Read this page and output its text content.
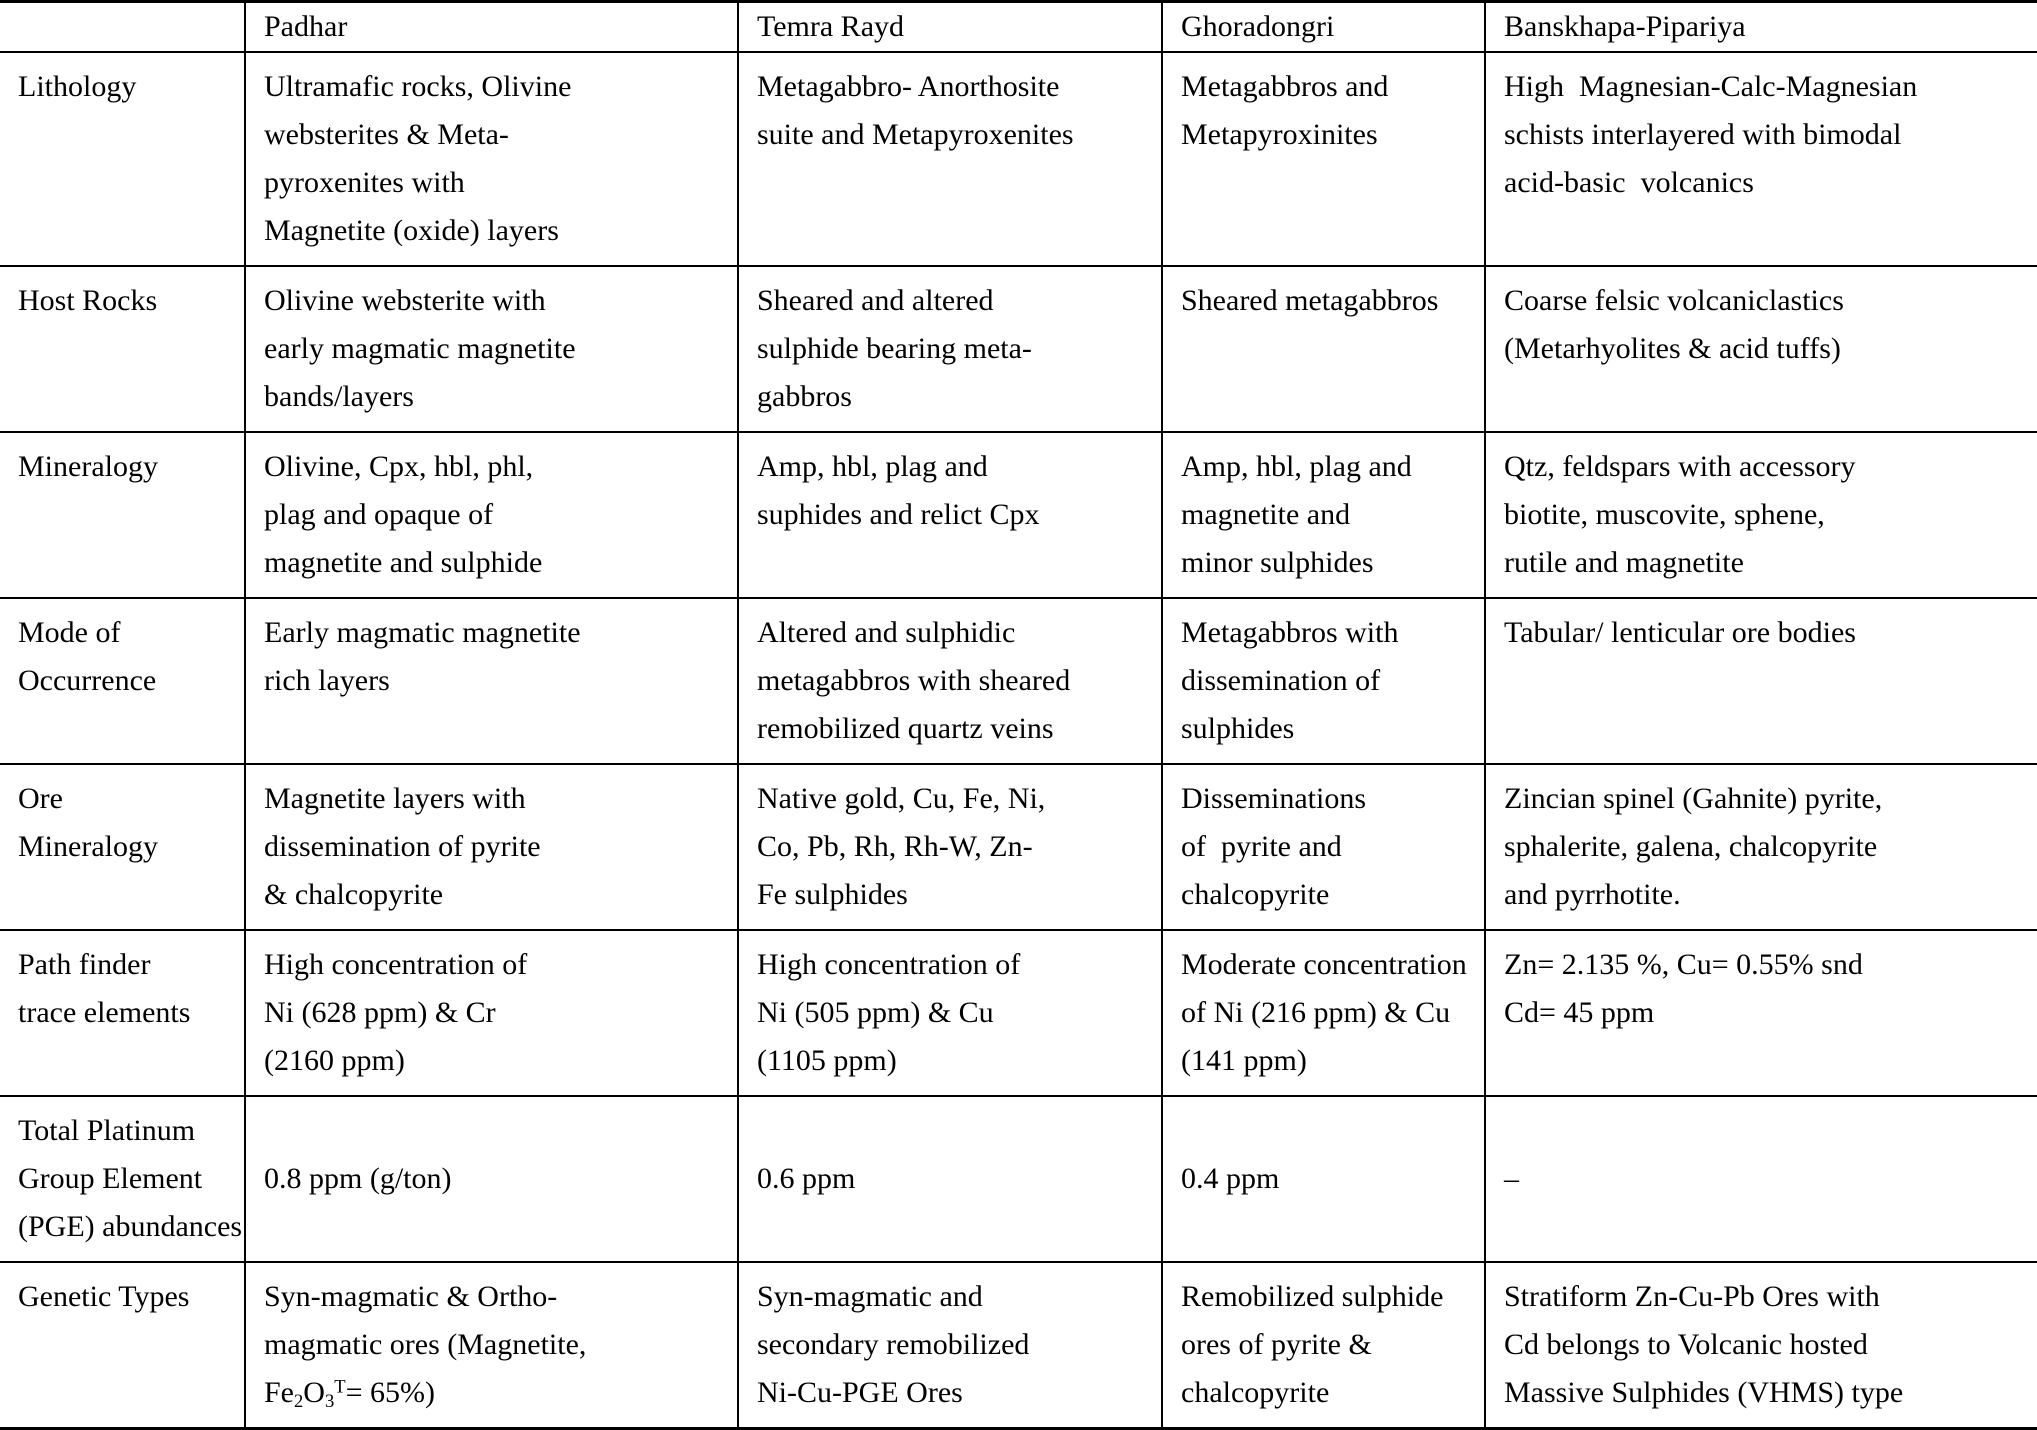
	Padhar	Temra Rayd	Ghoradongri	Banskhapa-Pipariya

Lithology	Ultramafic rocks, Olivine
websterites & Meta-
pyroxenites with
Magnetite (oxide) layers	Metagabbro- Anorthosite
suite and Metapyroxenites	Metagabbros and
Metapyroxinites	High  Magnesian-Calc-Magnesian
schists interlayered with bimodal
acid-basic  volcanics

Host Rocks	Olivine websterite with
early magmatic magnetite
bands/layers	Sheared and altered
sulphide bearing meta-
gabbros	Sheared metagabbros	Coarse felsic volcaniclastics
(Metarhyolites & acid tuffs)

Mineralogy	Olivine, Cpx, hbl, phl,
plag and opaque of
magnetite and sulphide	Amp, hbl, plag and
suphides and relict Cpx	Amp, hbl, plag and
magnetite and
minor sulphides	Qtz, feldspars with accessory
biotite, muscovite, sphene,
rutile and magnetite

Mode of
Occurrence	Early magmatic magnetite
rich layers	Altered and sulphidic
metagabbros with sheared
remobilized quartz veins	Metagabbros with
dissemination of
sulphides	Tabular/ lenticular ore bodies

Ore
Mineralogy	Magnetite layers with
dissemination of pyrite
& chalcopyrite	Native gold, Cu, Fe, Ni,
Co, Pb, Rh, Rh-W, Zn-
Fe sulphides	Disseminations
of  pyrite and
chalcopyrite	Zincian spinel (Gahnite) pyrite,
sphalerite, galena, chalcopyrite
and pyrrhotite.

Path finder
trace elements	High concentration of
Ni (628 ppm) & Cr
(2160 ppm)	High concentration of
Ni (505 ppm) & Cu
(1105 ppm)	Moderate concentration
of Ni (216 ppm) & Cu
(141 ppm)	Zn= 2.135 %, Cu= 0.55% snd
Cd= 45 ppm

Total Platinum
Group Element
(PGE) abundances	0.8 ppm (g/ton)	0.6 ppm	0.4 ppm	–

Genetic Types	Syn-magmatic & Ortho-
magmatic ores (Magnetite,
$Fe_2O_3^T= 65\%$)	Syn-magmatic and
secondary remobilized
Ni-Cu-PGE Ores	Remobilized sulphide
ores of pyrite &
chalcopyrite	Stratiform Zn-Cu-Pb Ores with
Cd belongs to Volcanic hosted
Massive Sulphides (VHMS) type
